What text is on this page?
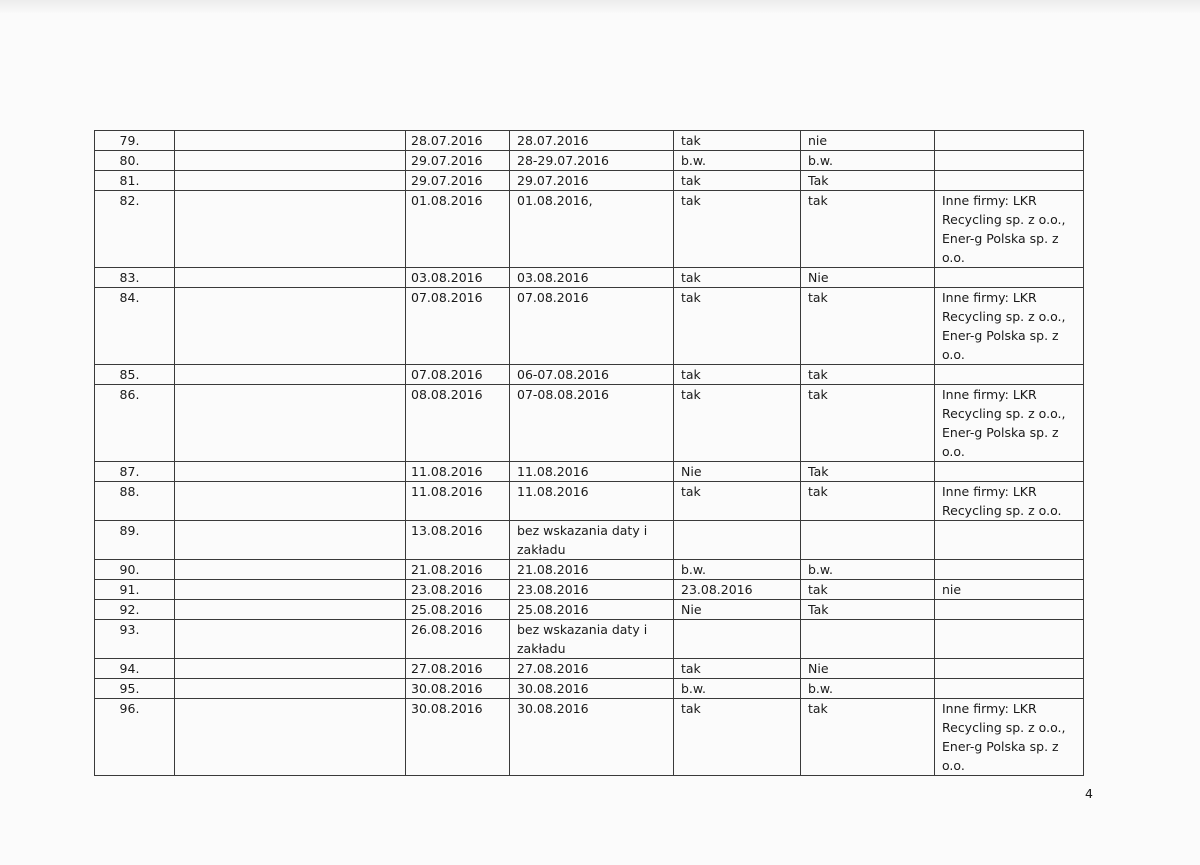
79.		28.07.2016	28.07.2016	tak	nie	
80.		29.07.2016	28-29.07.2016	b.w.	b.w.	
81.		29.07.2016	29.07.2016	tak	Tak	
82.		01.08.2016	01.08.2016,	tak	tak	Inne firmy: LKR Recycling sp. z o.o., Ener-g Polska sp. z o.o.
83.		03.08.2016	03.08.2016	tak	Nie	
84.		07.08.2016	07.08.2016	tak	tak	Inne firmy: LKR Recycling sp. z o.o., Ener-g Polska sp. z o.o.
85.		07.08.2016	06-07.08.2016	tak	tak	
86.		08.08.2016	07-08.08.2016	tak	tak	Inne firmy: LKR Recycling sp. z o.o., Ener-g Polska sp. z o.o.
87.		11.08.2016	11.08.2016	Nie	Tak	
88.		11.08.2016	11.08.2016	tak	tak	Inne firmy: LKR Recycling sp. z o.o.
89.		13.08.2016	bez wskazania daty i zakładu			
90.		21.08.2016	21.08.2016	b.w.	b.w.	
91.		23.08.2016	23.08.2016	23.08.2016	tak	nie
92.		25.08.2016	25.08.2016	Nie	Tak	
93.		26.08.2016	bez wskazania daty i zakładu			
94.		27.08.2016	27.08.2016	tak	Nie	
95.		30.08.2016	30.08.2016	b.w.	b.w.	
96.		30.08.2016	30.08.2016	tak	tak	Inne firmy: LKR Recycling sp. z o.o., Ener-g Polska sp. z o.o.
4
